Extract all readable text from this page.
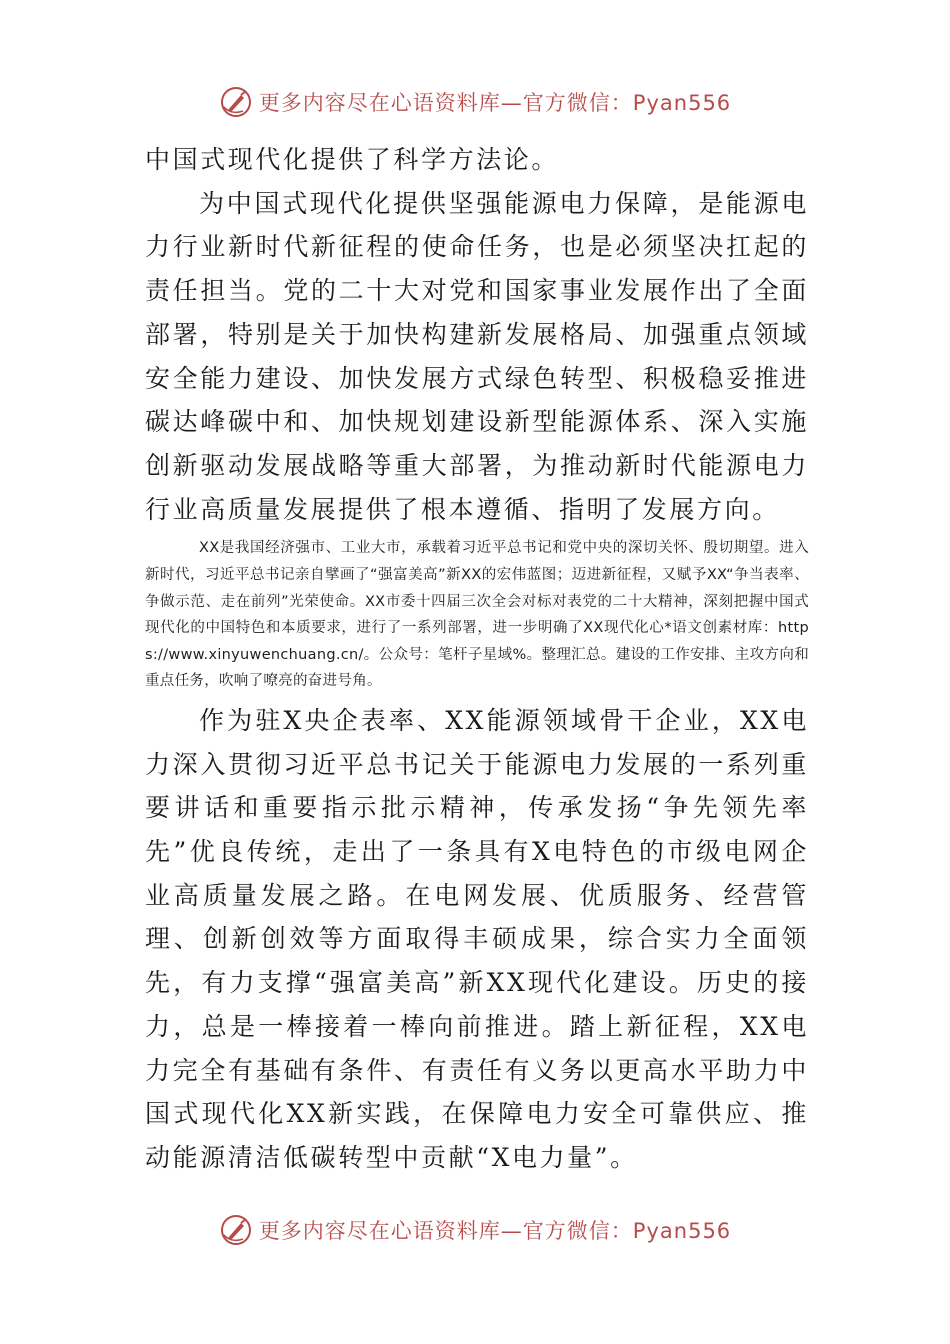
更多内容尽在心语资料库—官方微信：Pyan556

中国式现代化提供了科学方法论。

为中国式现代化提供坚强能源电力保障，是能源电力行业新时代新征程的使命任务，也是必须坚决扛起的责任担当。党的二十大对党和国家事业发展作出了全面部署，特别是关于加快构建新发展格局、加强重点领域安全能力建设、加快发展方式绿色转型、积极稳妥推进碳达峰碳中和、加快规划建设新型能源体系、深入实施创新驱动发展战略等重大部署，为推动新时代能源电力行业高质量发展提供了根本遵循、指明了发展方向。

XX是我国经济强市、工业大市，承载着习近平总书记和党中央的深切关怀、殷切期望。进入新时代，习近平总书记亲自擘画了“强富美高”新XX的宏伟蓝图；迈进新征程，又赋予XX“争当表率、争做示范、走在前列”光荣使命。XX市委十四届三次全会对标对表党的二十大精神，深刻把握中国式现代化的中国特色和本质要求，进行了一系列部署，进一步明确了XX现代化心*语文创素材库：https://www.xinyuwenchuang.cn/。公众号：笔杆子星域%。整理汇总。建设的工作安排、主攻方向和重点任务，吹响了嘹亮的奋进号角。

作为驻X央企表率、XX能源领域骨干企业，XX电力深入贯彻习近平总书记关于能源电力发展的一系列重要讲话和重要指示批示精神，传承发扬“争先领先率先”优良传统，走出了一条具有X电特色的市级电网企业高质量发展之路。在电网发展、优质服务、经营管理、创新创效等方面取得丰硕成果，综合实力全面领先，有力支撑“强富美高”新XX现代化建设。历史的接力，总是一棒接着一棒向前推进。踏上新征程，XX电力完全有基础有条件、有责任有义务以更高水平助力中国式现代化XX新实践，在保障电力安全可靠供应、推动能源清洁低碳转型中贡献“X电力量”。

更多内容尽在心语资料库—官方微信：Pyan556
